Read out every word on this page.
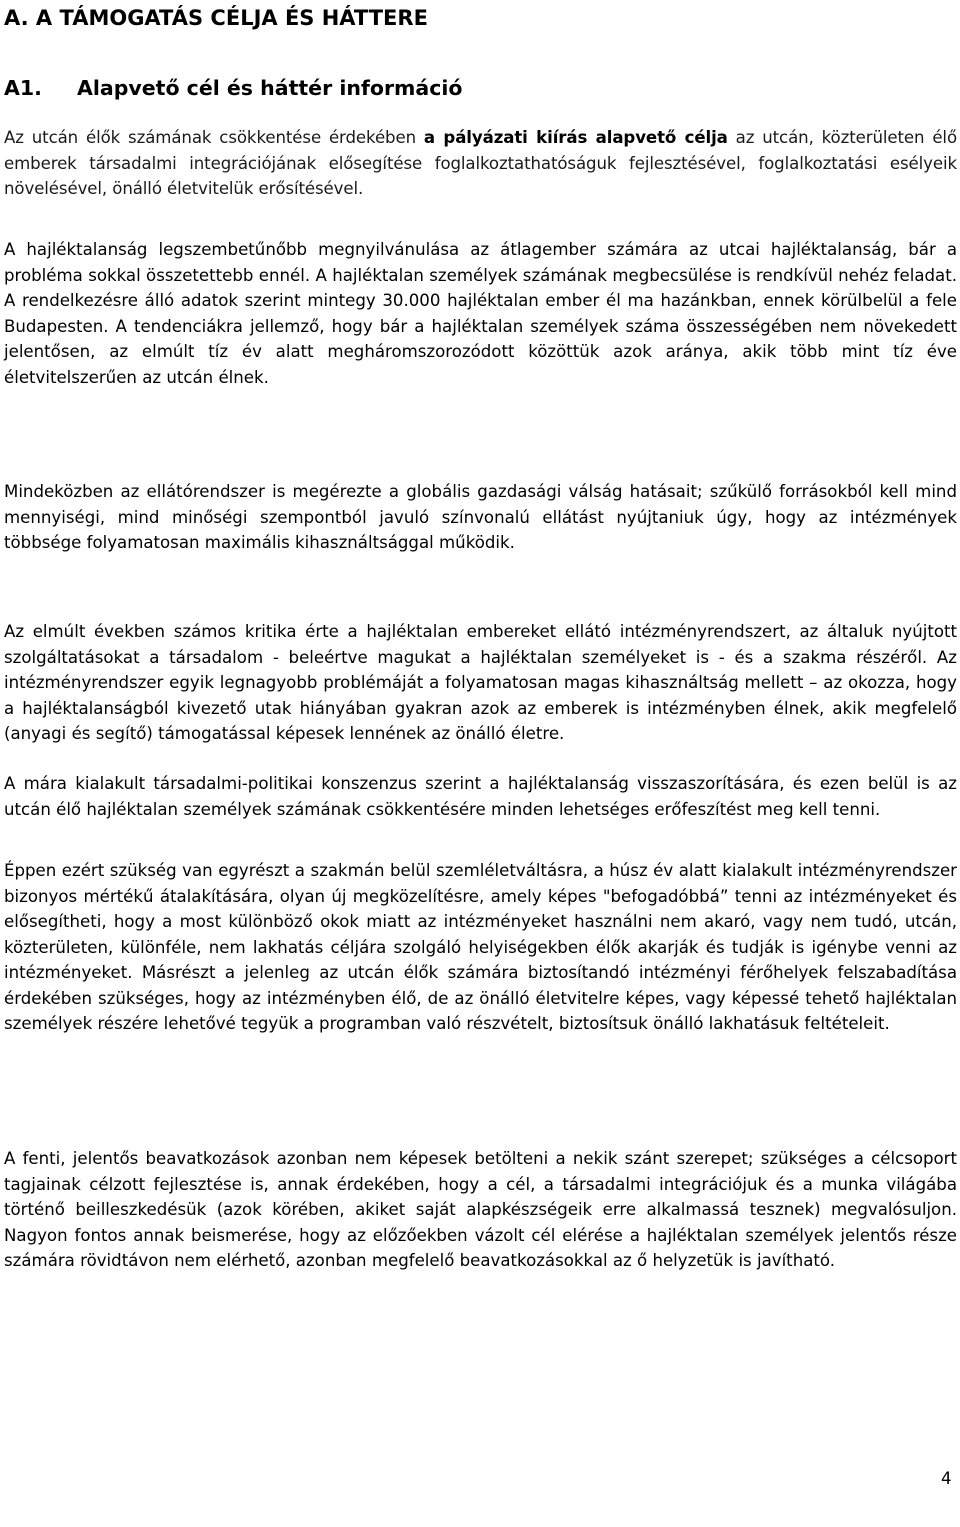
A. A TÁMOGATÁS CÉLJA ÉS HÁTTERE
A1. Alapvető cél és háttér információ

Az utcán élők számának csökkentése érdekében a pályázati kiírás alapvető célja az utcán, közterületen élő emberek társadalmi integrációjának elősegítése foglalkoztathatóságuk fejlesztésével, foglalkoztatási esélyeik növelésével, önálló életvitelük erősítésével.

A hajléktalanság legszembetűnőbb megnyilvánulása az átlagember számára az utcai hajléktalanság, bár a probléma sokkal összetettebb ennél. A hajléktalan személyek számának megbecsülése is rendkívül nehéz feladat. A rendelkezésre álló adatok szerint mintegy 30.000 hajléktalan ember él ma hazánkban, ennek körülbelül a fele Budapesten. A tendenciákra jellemző, hogy bár a hajléktalan személyek száma összességében nem növekedett jelentősen, az elmúlt tíz év alatt megháromszorozódott közöttük azok aránya, akik több mint tíz éve életvitelszerűen az utcán élnek.

Mindeközben az ellátórendszer is megérezte a globális gazdasági válság hatásait; szűkülő forrásokból kell mind mennyiségi, mind minőségi szempontból javuló színvonalú ellátást nyújtaniuk úgy, hogy az intézmények többsége folyamatosan maximális kihasználtsággal működik.

Az elmúlt években számos kritika érte a hajléktalan embereket ellátó intézményrendszert, az általuk nyújtott szolgáltatásokat a társadalom - beleértve magukat a hajléktalan személyeket is - és a szakma részéről. Az intézményrendszer egyik legnagyobb problémáját a folyamatosan magas kihasználtság mellett – az okozza, hogy a hajléktalanságból kivezető utak hiányában gyakran azok az emberek is intézményben élnek, akik megfelelő (anyagi és segítő) támogatással képesek lennének az önálló életre.

A mára kialakult társadalmi-politikai konszenzus szerint a hajléktalanság visszaszorítására, és ezen belül is az utcán élő hajléktalan személyek számának csökkentésére minden lehetséges erőfeszítést meg kell tenni.

Éppen ezért szükség van egyrészt a szakmán belül szemléletváltásra, a húsz év alatt kialakult intézményrendszer bizonyos mértékű átalakítására, olyan új megközelítésre, amely képes "befogadóbbá” tenni az intézményeket és elősegítheti, hogy a most különböző okok miatt az intézményeket használni nem akaró, vagy nem tudó, utcán, közterületen, különféle, nem lakhatás céljára szolgáló helyiségekben élők akarják és tudják is igénybe venni az intézményeket. Másrészt a jelenleg az utcán élők számára biztosítandó intézményi férőhelyek felszabadítása érdekében szükséges, hogy az intézményben élő, de az önálló életvitelre képes, vagy képessé tehető hajléktalan személyek részére lehetővé tegyük a programban való részvételt, biztosítsuk önálló lakhatásuk feltételeit.

A fenti, jelentős beavatkozások azonban nem képesek betölteni a nekik szánt szerepet; szükséges a célcsoport tagjainak célzott fejlesztése is, annak érdekében, hogy a cél, a társadalmi integrációjuk és a munka világába történő beilleszkedésük (azok körében, akiket saját alapkészségeik erre alkalmassá tesznek) megvalósuljon. Nagyon fontos annak beismerése, hogy az előzőekben vázolt cél elérése a hajléktalan személyek jelentős része számára rövidtávon nem elérhető, azonban megfelelő beavatkozásokkal az ő helyzetük is javítható.

4
